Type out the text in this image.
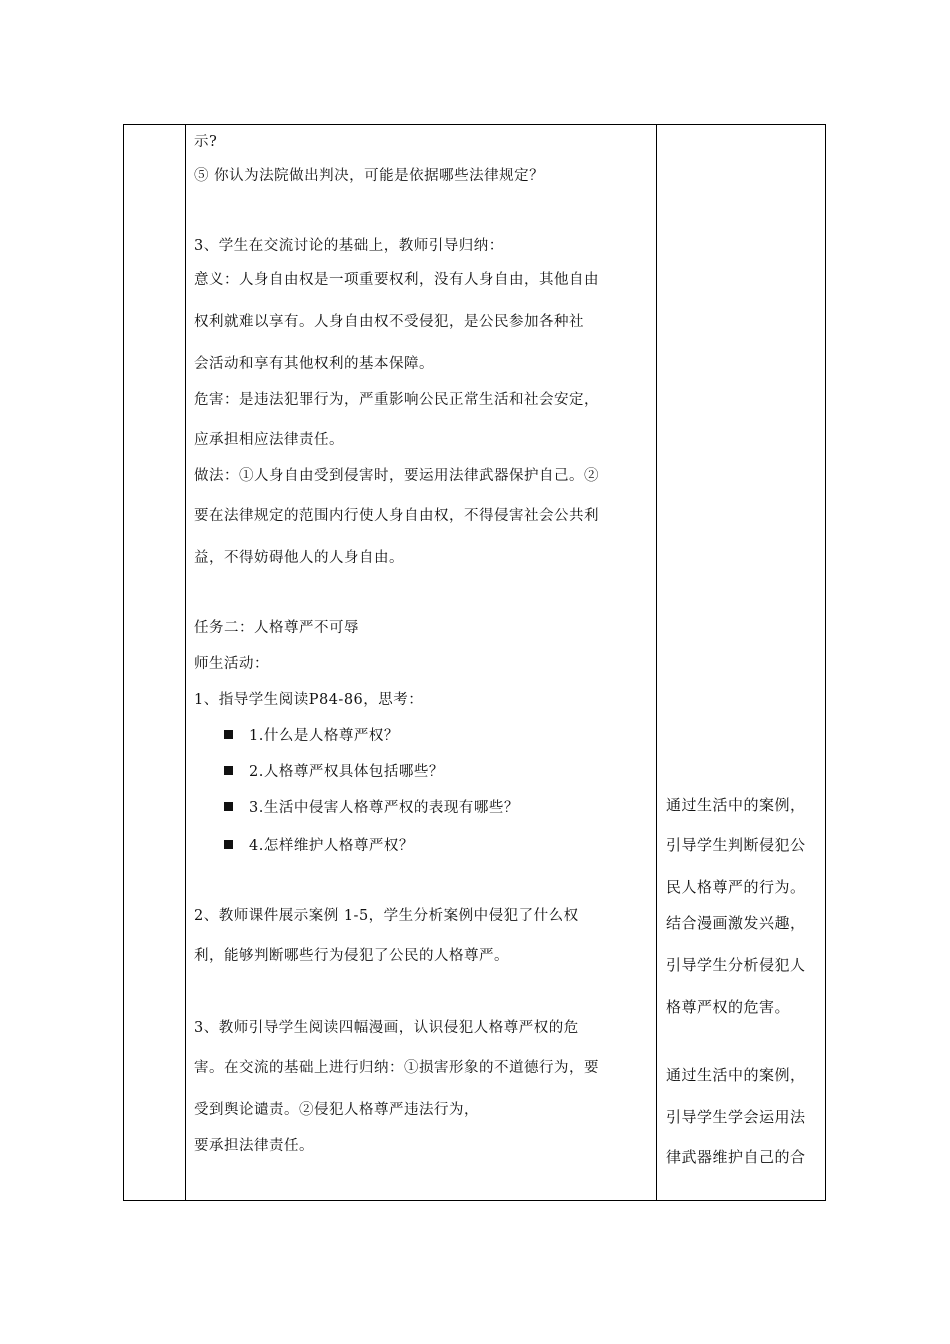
示?
⑤ 你认为法院做出判决，可能是依据哪些法律规定？
3、学生在交流讨论的基础上，教师引导归纳：
意义：人身自由权是一项重要权利，没有人身自由，其他自由
权利就难以享有。人身自由权不受侵犯，是公民参加各种社
会活动和享有其他权利的基本保障。
危害：是违法犯罪行为，严重影响公民正常生活和社会安定，
应承担相应法律责任。
做法：①人身自由受到侵害时，要运用法律武器保护自己。②
要在法律规定的范围内行使人身自由权，不得侵害社会公共利
益，不得妨碍他人的人身自由。
任务二：人格尊严不可辱
师生活动：
1、指导学生阅读P84-86，思考：
1.什么是人格尊严权？
2.人格尊严权具体包括哪些？
3.生活中侵害人格尊严权的表现有哪些？
4.怎样维护人格尊严权？
2、教师课件展示案例 1-5，学生分析案例中侵犯了什么权
利，能够判断哪些行为侵犯了公民的人格尊严。
3、教师引导学生阅读四幅漫画，认识侵犯人格尊严权的危
害。在交流的基础上进行归纳：①损害形象的不道德行为，要
受到舆论谴责。②侵犯人格尊严违法行为，
要承担法律责任。
通过生活中的案例，
引导学生判断侵犯公
民人格尊严的行为。
结合漫画激发兴趣，
引导学生分析侵犯人
格尊严权的危害。
通过生活中的案例，
引导学生学会运用法
律武器维护自己的合
